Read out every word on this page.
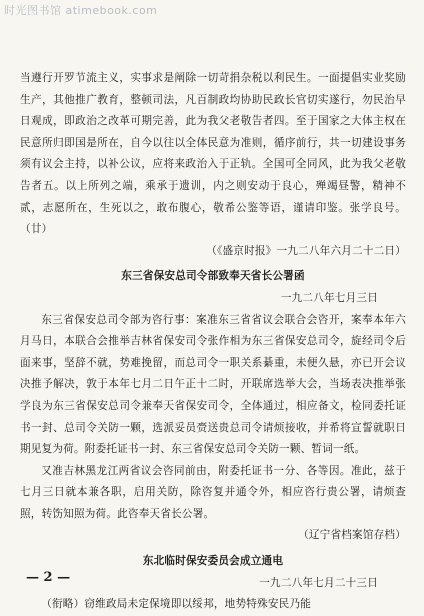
时光图书馆 atimebook.com

当遵行开罗节流主义，实事求是阐除一切苛捐杂税以利民生。一面提倡实业奖励生产，其他推广教育，整顿司法，凡百制政均协助民政长官切实遂行，勿民治早日观成，即政治之改革可期完善，此为我父老敬告者四。至于国家之大体主权在民意所归即国是所在，自今以往以全体民意为准则，循序前行，共一切建设事务须有议会主持，以补公议，应将来政治入于正轨。全国可全同风，此为我父老敬告者五。以上所列之端，乘承于遗训，内之则安动于良心，殚竭昼警，精神不贰，志愿所在，生死以之，敢布腹心，敬希公鉴等语，谨请印鉴。张学良号。（廿）

（《盛京时报》一九二八年六月二十二日）

东三省保安总司令部致奉天省长公署函

一九二八年七月三日

东三省保安总司令部为咨行事：案准东三省省议会联合会咨开，案奉本年六月马日，本联合会推举吉林省保安司令张作相为东三省保安总司令，旋经司令后面来事，坚辞不就，势难挽留，而总司令一职关系綦重，未便久悬，亦已开会议决推予解决，敦于本年七月二日午正十二时，开联席选举大会，当场表决推举张学良为东三省保安总司令兼奉天省保安司令，全体通过，相应备文，检同委托证书一封、总司令关防一颗，选派妥员赍送贵总司令请烦接收，并希将宣誓就职日期见复为荷。附委托证书一封、东三省保安总司令关防一颗、暂词一纸。

又准吉林黑龙江两省议会咨同前由，附委托证书一分、各等因。准此，兹于七月三日就本兼各职，启用关防，除咨复并通令外，相应咨行贵公署，请烦查照，转饬知照为荷。此咨奉天省长公署。

（辽宁省档案馆存档）

东北临时保安委员会成立通电

一九二八年七月二十三日

（衔略）窃维政局未定保境即以绥邦，地势特殊安民乃能

— 2 —
